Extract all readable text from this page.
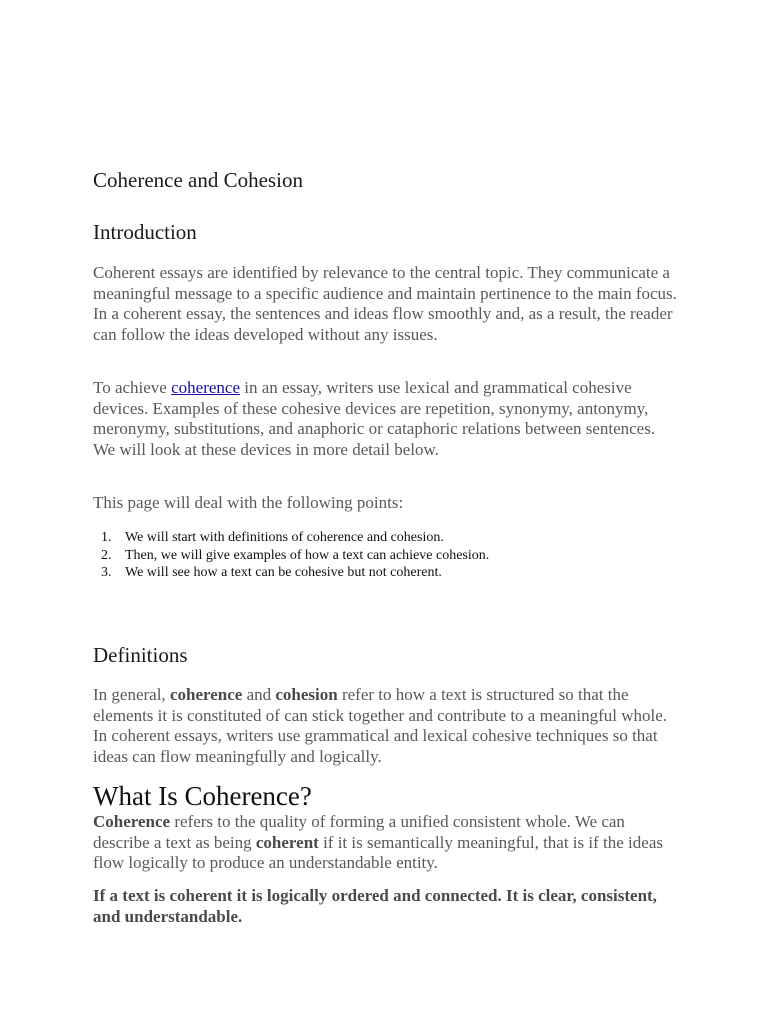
Coherence and Cohesion
Introduction

Coherent essays are identified by relevance to the central topic. They communicate a meaningful message to a specific audience and maintain pertinence to the main focus. In a coherent essay, the sentences and ideas flow smoothly and, as a result, the reader can follow the ideas developed without any issues.

To achieve coherence in an essay, writers use lexical and grammatical cohesive devices. Examples of these cohesive devices are repetition, synonymy, antonymy, meronymy, substitutions, and anaphoric or cataphoric relations between sentences. We will look at these devices in more detail below.

This page will deal with the following points:

1. We will start with definitions of coherence and cohesion.
2. Then, we will give examples of how a text can achieve cohesion.
3. We will see how a text can be cohesive but not coherent.
Definitions

In general, coherence and cohesion refer to how a text is structured so that the elements it is constituted of can stick together and contribute to a meaningful whole. In coherent essays, writers use grammatical and lexical cohesive techniques so that ideas can flow meaningfully and logically.

What Is Coherence?

Coherence refers to the quality of forming a unified consistent whole. We can describe a text as being coherent if it is semantically meaningful, that is if the ideas flow logically to produce an understandable entity.

If a text is coherent it is logically ordered and connected. It is clear, consistent, and understandable.
